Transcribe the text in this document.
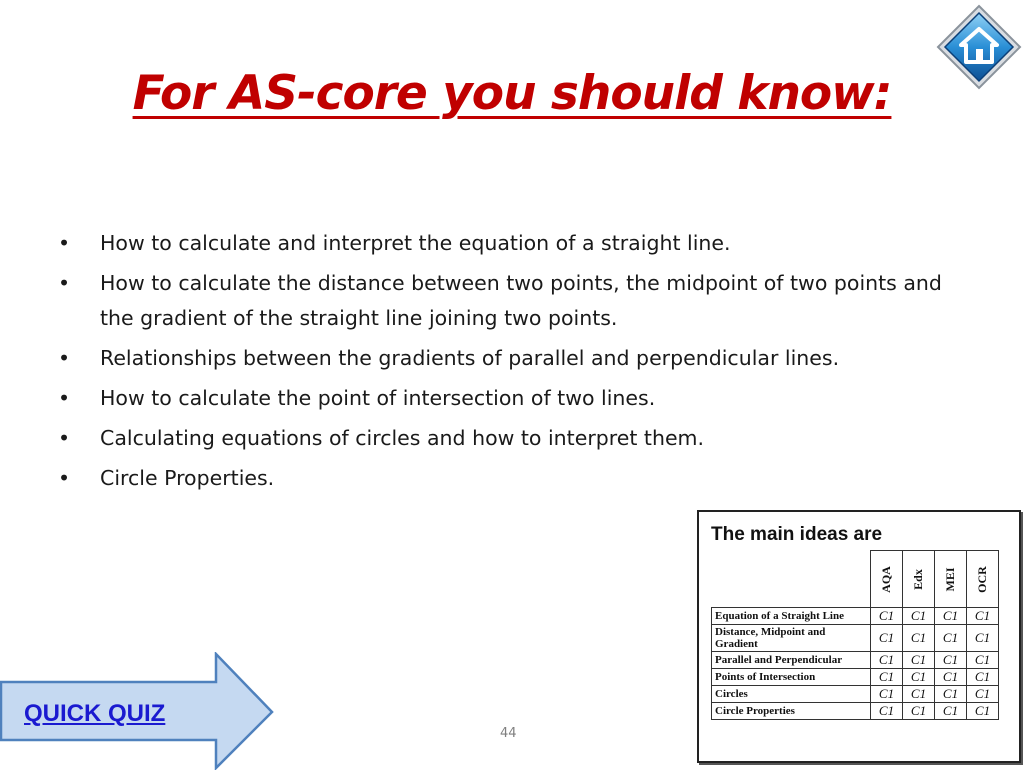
For AS-core you should know:
• How to calculate and interpret the equation of a straight line.
• How to calculate the distance between two points, the midpoint of two points and the gradient of the straight line joining two points.
• Relationships between the gradients of parallel and perpendicular lines.
• How to calculate the point of intersection of two lines.
• Calculating equations of circles and how to interpret them.
• Circle Properties.
The main ideas are

	AQA	Edx	MEI	OCR

Equation of a Straight Line	C1	C1	C1	C1
Distance, Midpoint and Gradient	C1	C1	C1	C1
Parallel and Perpendicular	C1	C1	C1	C1
Points of Intersection	C1	C1	C1	C1
Circles	C1	C1	C1	C1
Circle Properties	C1	C1	C1	C1
QUICK QUIZ
44
